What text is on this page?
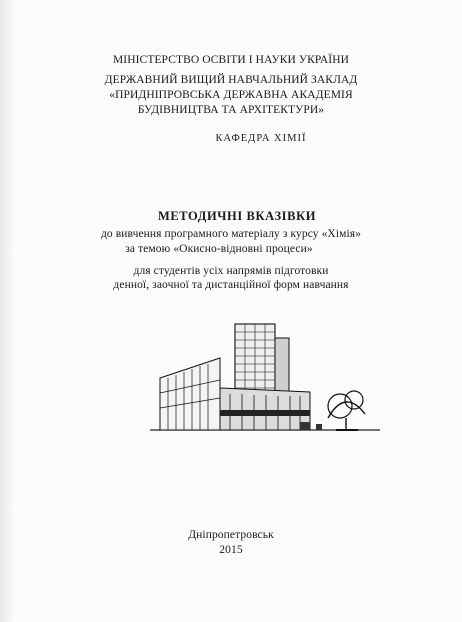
МІНІСТЕРСТВО ОСВІТИ І НАУКИ УКРАЇНИ
ДЕРЖАВНИЙ ВИЩИЙ НАВЧАЛЬНИЙ ЗАКЛАД
«ПРИДНІПРОВСЬКА ДЕРЖАВНА АКАДЕМІЯ
БУДІВНИЦТВА ТА АРХІТЕКТУРИ»
КАФЕДРА ХІМІЇ
МЕТОДИЧНІ ВКАЗІВКИ
до вивчення програмного матеріалу з курсу «Хімія»
за темою «Окисно-відновні процеси»
для студентів усіх напрямів підготовки
денної, заочної та дистанційної форм навчання
Дніпропетровськ
2015
